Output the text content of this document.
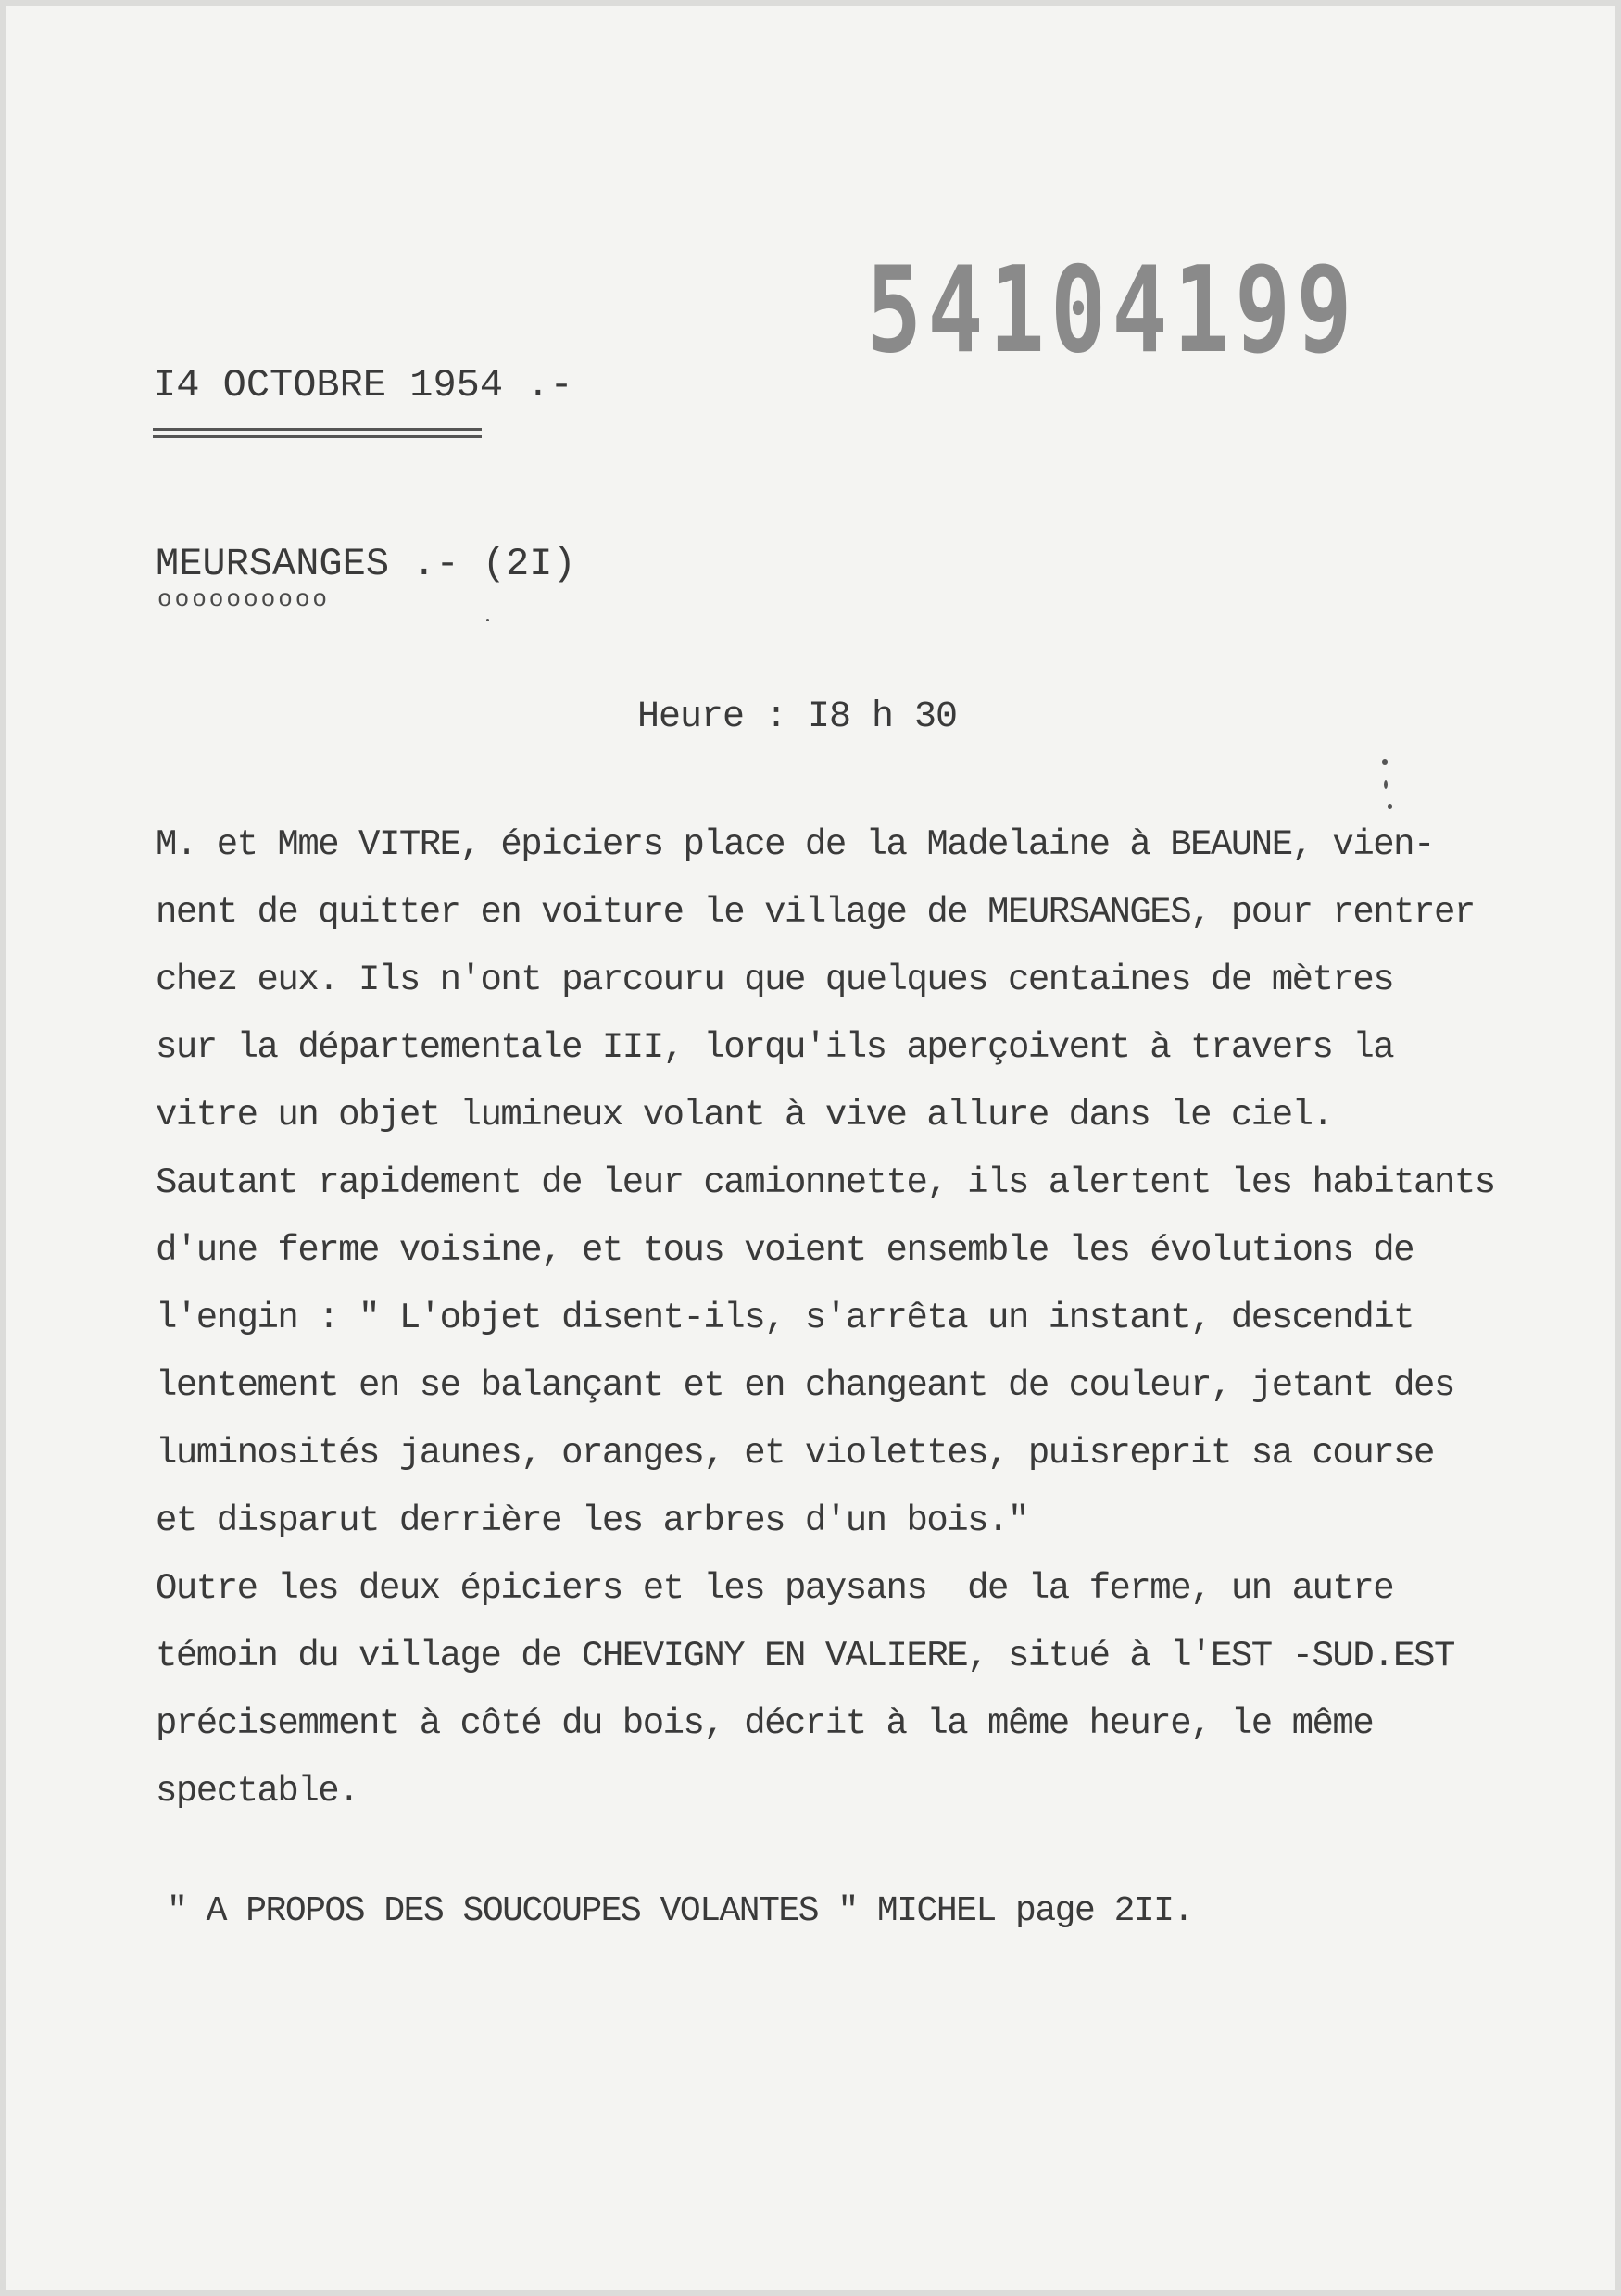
54104199
I4 OCTOBRE 1954 .-
MEURSANGES .- (2I)
oooooooooo
Heure : I8 h 30
M. et Mme VITRE, épiciers place de la Madelaine à BEAUNE, vien-
nent de quitter en voiture le village de MEURSANGES, pour rentrer
chez eux. Ils n'ont parcouru que quelques centaines de mètres
sur la départementale III, lorqu'ils aperçoivent à travers la
vitre un objet lumineux volant à vive allure dans le ciel.
Sautant rapidement de leur camionnette, ils alertent les habitants
d'une ferme voisine, et tous voient ensemble les évolutions de
l'engin : " L'objet disent-ils, s'arrêta un instant, descendit
lentement en se balançant et en changeant de couleur, jetant des
luminosités jaunes, oranges, et violettes, puisreprit sa course
et disparut derrière les arbres d'un bois."
Outre les deux épiciers et les paysans  de la ferme, un autre
témoin du village de CHEVIGNY EN VALIERE, situé à l'EST -SUD.EST
précisemment à côté du bois, décrit à la même heure, le même
spectable.
" A PROPOS DES SOUCOUPES VOLANTES " MICHEL page 2II.
